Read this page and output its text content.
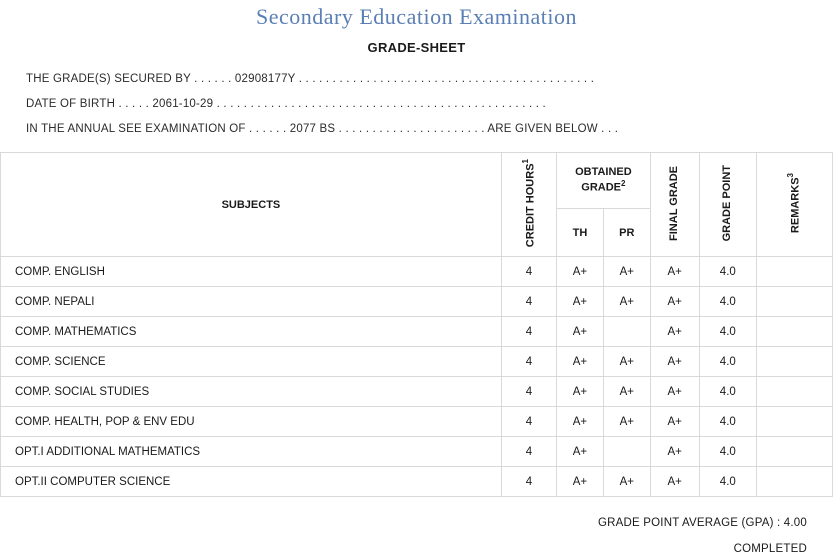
Secondary Education Examination
GRADE-SHEET
THE GRADE(S) SECURED BY . . . . . . 02908177Y . . . . . . . . . . . . . . . . . . . . . . . . . . . . . . . . . . . . . . . . . . . .
DATE OF BIRTH . . . . . 2061-10-29 . . . . . . . . . . . . . . . . . . . . . . . . . . . . . . . . . . . . . . . . . . . . . . . . .
IN THE ANNUAL SEE EXAMINATION OF . . . . . . 2077 BS . . . . . . . . . . . . . . . . . . . . . . ARE GIVEN BELOW . . .
SUBJECTS	CREDIT HOURS$^1$	OBTAINED GRADE$^2$		FINAL GRADE	GRADE POINT	REMARKS$^3$
		TH	PR			
COMP. ENGLISH	4	A+	A+	A+	4.0	
COMP. NEPALI	4	A+	A+	A+	4.0	
COMP. MATHEMATICS	4	A+		A+	4.0	
COMP. SCIENCE	4	A+	A+	A+	4.0	
COMP. SOCIAL STUDIES	4	A+	A+	A+	4.0	
COMP. HEALTH, POP & ENV EDU	4	A+	A+	A+	4.0	
OPT.I ADDITIONAL MATHEMATICS	4	A+		A+	4.0	
OPT.II COMPUTER SCIENCE	4	A+	A+	A+	4.0	
GRADE POINT AVERAGE (GPA) : 4.00
COMPLETED
